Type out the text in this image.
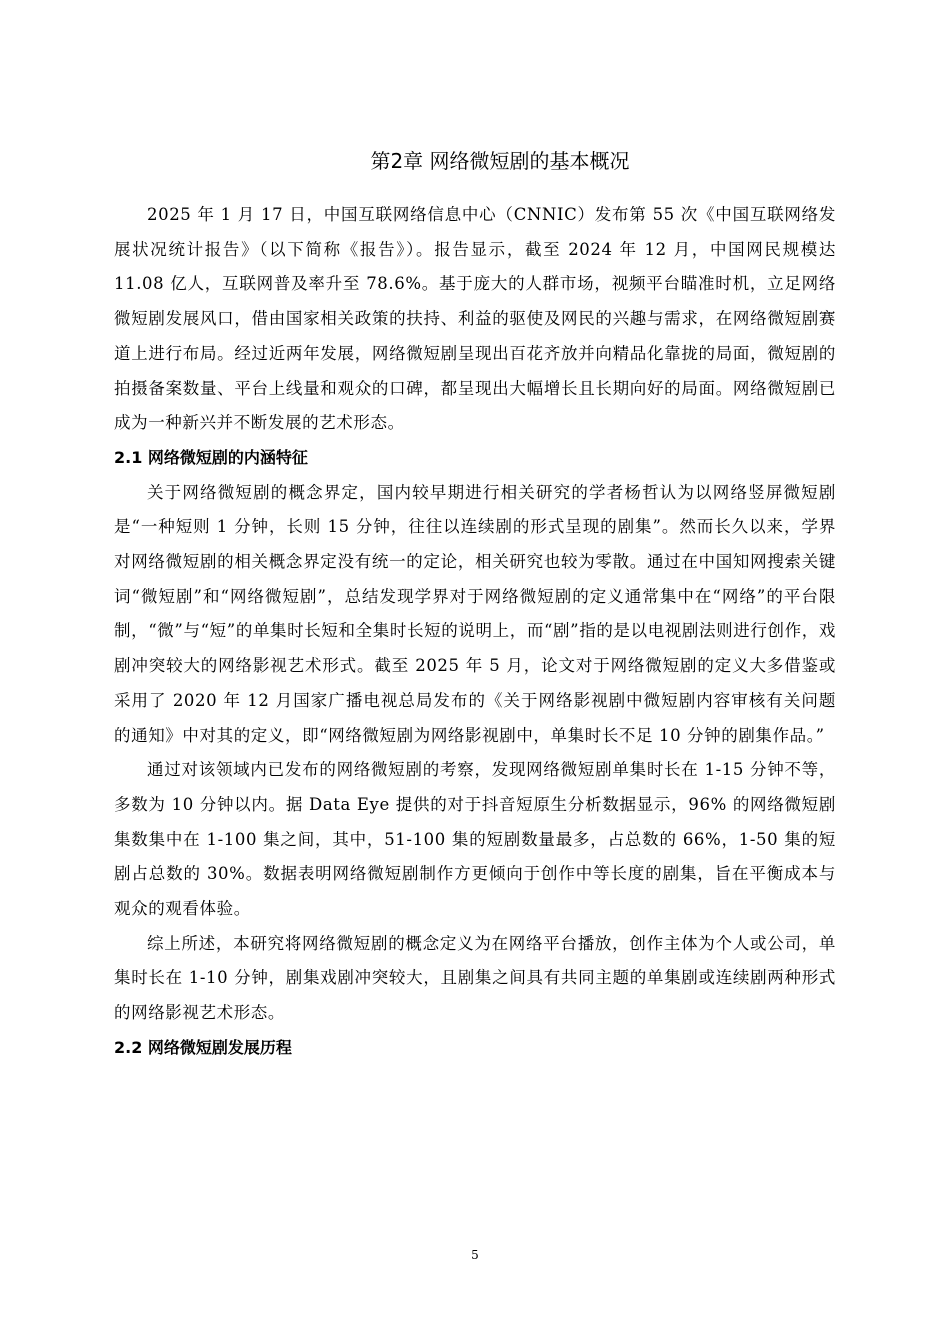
第2章 网络微短剧的基本概况

2025 年 1 月 17 日，中国互联网络信息中心（CNNIC）发布第 55 次《中国互联网络发展状况统计报告》（以下简称《报告》）。报告显示，截至 2024 年 12 月，中国网民规模达 11.08 亿人，互联网普及率升至 78.6%。基于庞大的人群市场，视频平台瞄准时机，立足网络微短剧发展风口，借由国家相关政策的扶持、利益的驱使及网民的兴趣与需求，在网络微短剧赛道上进行布局。经过近两年发展，网络微短剧呈现出百花齐放并向精品化靠拢的局面，微短剧的拍摄备案数量、平台上线量和观众的口碑，都呈现出大幅增长且长期向好的局面。网络微短剧已成为一种新兴并不断发展的艺术形态。

2.1 网络微短剧的内涵特征

关于网络微短剧的概念界定，国内较早期进行相关研究的学者杨哲认为以网络竖屏微短剧是“一种短则 1 分钟，长则 15 分钟，往往以连续剧的形式呈现的剧集”。然而长久以来，学界对网络微短剧的相关概念界定没有统一的定论，相关研究也较为零散。通过在中国知网搜索关键词“微短剧”和“网络微短剧”，总结发现学界对于网络微短剧的定义通常集中在“网络”的平台限制，“微”与“短”的单集时长短和全集时长短的说明上，而“剧”指的是以电视剧法则进行创作，戏剧冲突较大的网络影视艺术形式。截至 2025 年 5 月，论文对于网络微短剧的定义大多借鉴或采用了 2020 年 12 月国家广播电视总局发布的《关于网络影视剧中微短剧内容审核有关问题的通知》中对其的定义，即“网络微短剧为网络影视剧中，单集时长不足 10 分钟的剧集作品。”

通过对该领域内已发布的网络微短剧的考察，发现网络微短剧单集时长在 1-15 分钟不等，多数为 10 分钟以内。据 Data Eye 提供的对于抖音短原生分析数据显示，96% 的网络微短剧集数集中在 1-100 集之间，其中，51-100 集的短剧数量最多，占总数的 66%，1-50 集的短剧占总数的 30%。数据表明网络微短剧制作方更倾向于创作中等长度的剧集，旨在平衡成本与观众的观看体验。

综上所述，本研究将网络微短剧的概念定义为在网络平台播放，创作主体为个人或公司，单集时长在 1-10 分钟，剧集戏剧冲突较大，且剧集之间具有共同主题的单集剧或连续剧两种形式的网络影视艺术形态。

2.2 网络微短剧发展历程
5
